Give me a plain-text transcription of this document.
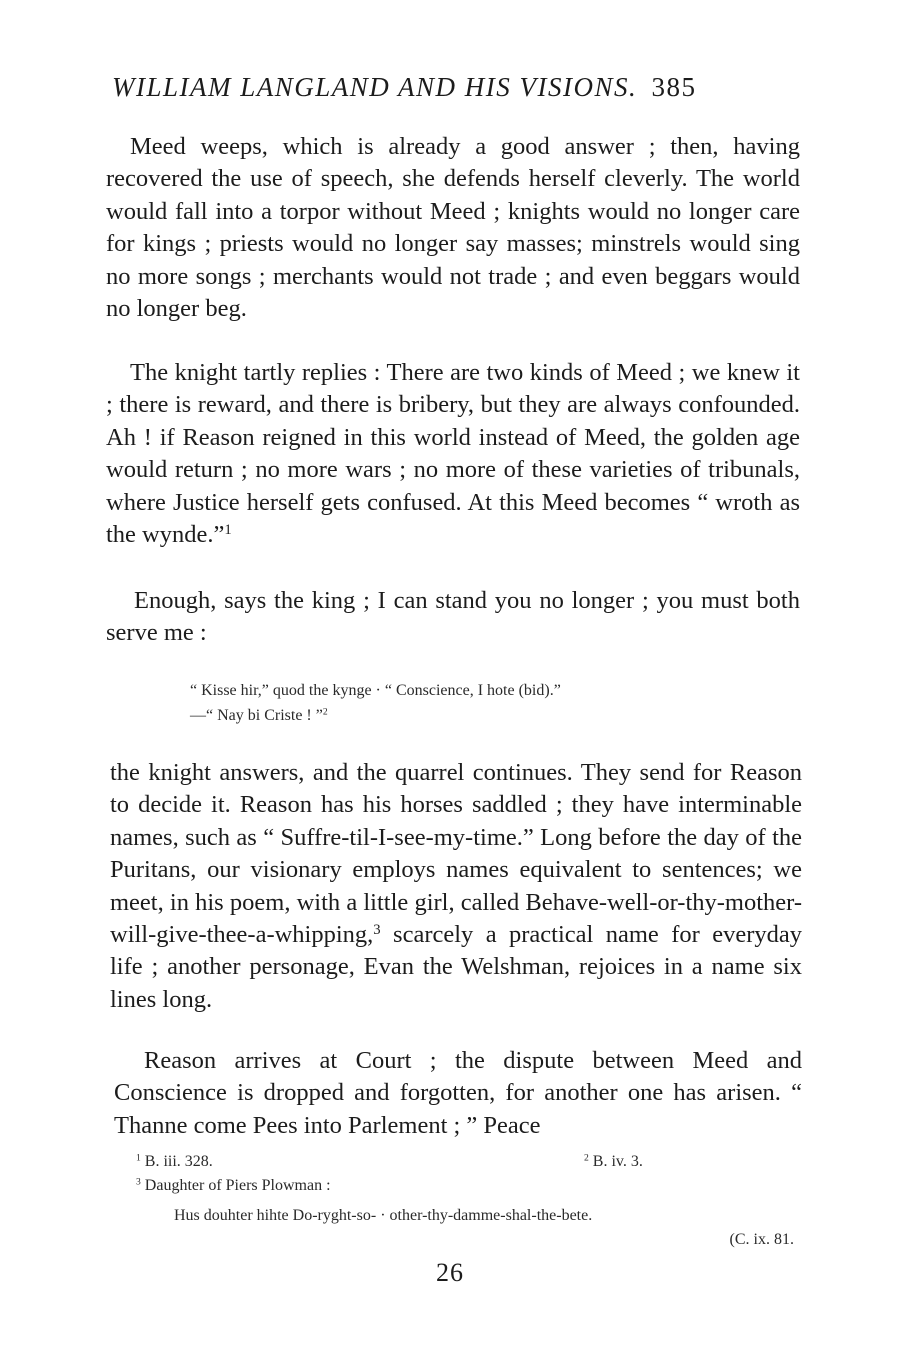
WILLIAM LANGLAND AND HIS VISIONS. 385

Meed weeps, which is already a good answer ; then, having recovered the use of speech, she defends herself cleverly. The world would fall into a torpor without Meed ; knights would no longer care for kings ; priests would no longer say masses; minstrels would sing no more songs ; merchants would not trade ; and even beggars would no longer beg.

The knight tartly replies : There are two kinds of Meed ; we knew it ; there is reward, and there is bribery, but they are always confounded. Ah ! if Reason reigned in this world instead of Meed, the golden age would return ; no more wars ; no more of these varieties of tribunals, where Justice herself gets confused. At this Meed becomes “ wroth as the wynde.”$^1$

Enough, says the king ; I can stand you no longer ; you must both serve me :

“ Kisse hir,” quod the kynge · “ Conscience, I hote (bid).”
—“ Nay bi Criste ! ”$^2$

the knight answers, and the quarrel continues. They send for Reason to decide it. Reason has his horses saddled ; they have interminable names, such as “ Suffre-til-I-see-my-time.” Long before the day of the Puritans, our visionary employs names equivalent to sentences; we meet, in his poem, with a little girl, called Behave-well-or-thy-mother-will-give-thee-a-whipping,$^3$ scarcely a practical name for everyday life ; another personage, Evan the Welshman, rejoices in a name six lines long.

Reason arrives at Court ; the dispute between Meed and Conscience is dropped and forgotten, for another one has arisen. “ Thanne come Pees into Parlement ; ” Peace

$^1$ B. iii. 328.	$^2$ B. iv. 3.
$^3$ Daughter of Piers Plowman :
Hus douhter hihte Do-ryght-so- · other-thy-damme-shal-the-bete.
(C. ix. 81.
26
